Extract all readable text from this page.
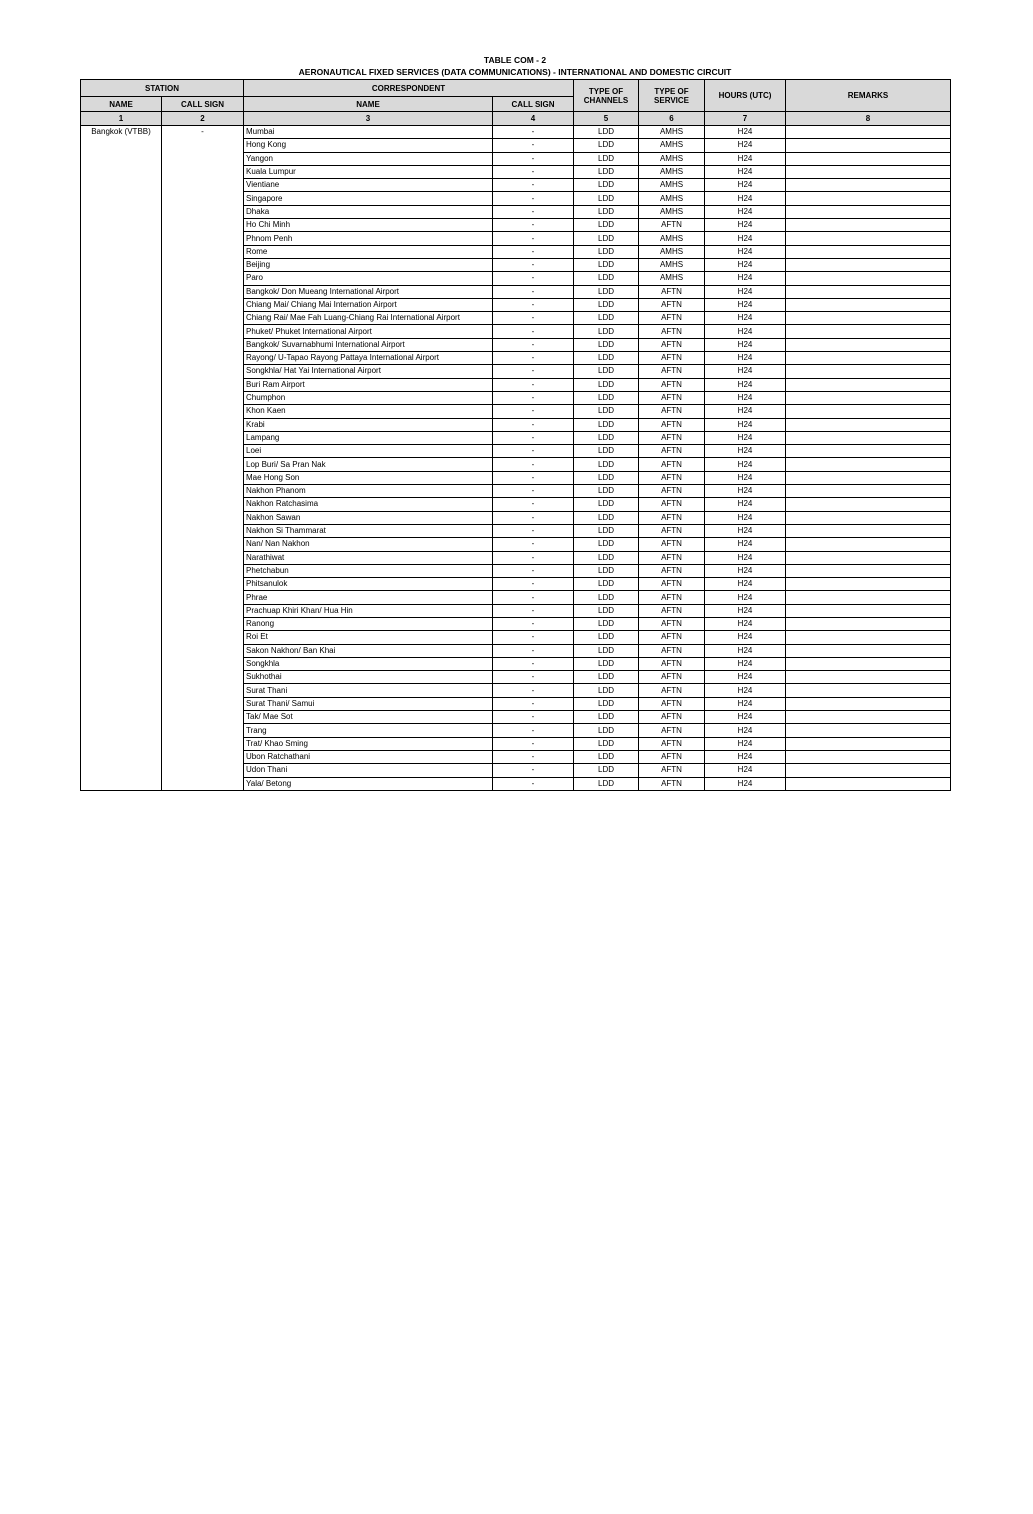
TABLE COM - 2
AERONAUTICAL FIXED SERVICES (DATA COMMUNICATIONS) - INTERNATIONAL AND DOMESTIC CIRCUIT
STATION		CORRESPONDENT		TYPE OF CHANNELS	TYPE OF SERVICE	HOURS (UTC)	REMARKS
NAME	CALL SIGN	NAME	CALL SIGN				
1	2	3	4	5	6	7	8
Bangkok (VTBB)	-	Mumbai	-	LDD	AMHS	H24	
		Hong Kong	-	LDD	AMHS	H24	
		Yangon	-	LDD	AMHS	H24	
		Kuala Lumpur	-	LDD	AMHS	H24	
		Vientiane	-	LDD	AMHS	H24	
		Singapore	-	LDD	AMHS	H24	
		Dhaka	-	LDD	AMHS	H24	
		Ho Chi Minh	-	LDD	AFTN	H24	
		Phnom Penh	-	LDD	AMHS	H24	
		Rome	-	LDD	AMHS	H24	
		Beijing	-	LDD	AMHS	H24	
		Paro	-	LDD	AMHS	H24	
		Bangkok/ Don Mueang International Airport	-	LDD	AFTN	H24	
		Chiang Mai/ Chiang Mai Internation Airport	-	LDD	AFTN	H24	
		Chiang Rai/ Mae Fah Luang-Chiang Rai International Airport	-	LDD	AFTN	H24	
		Phuket/ Phuket International Airport	-	LDD	AFTN	H24	
		Bangkok/ Suvarnabhumi International Airport	-	LDD	AFTN	H24	
		Rayong/ U-Tapao Rayong Pattaya International Airport	-	LDD	AFTN	H24	
		Songkhla/ Hat Yai International Airport	-	LDD	AFTN	H24	
		Buri Ram Airport	-	LDD	AFTN	H24	
		Chumphon	-	LDD	AFTN	H24	
		Khon Kaen	-	LDD	AFTN	H24	
		Krabi	-	LDD	AFTN	H24	
		Lampang	-	LDD	AFTN	H24	
		Loei	-	LDD	AFTN	H24	
		Lop Buri/ Sa Pran Nak	-	LDD	AFTN	H24	
		Mae Hong Son	-	LDD	AFTN	H24	
		Nakhon Phanom	-	LDD	AFTN	H24	
		Nakhon Ratchasima	-	LDD	AFTN	H24	
		Nakhon Sawan	-	LDD	AFTN	H24	
		Nakhon Si Thammarat	-	LDD	AFTN	H24	
		Nan/ Nan Nakhon	-	LDD	AFTN	H24	
		Narathiwat	-	LDD	AFTN	H24	
		Phetchabun	-	LDD	AFTN	H24	
		Phitsanulok	-	LDD	AFTN	H24	
		Phrae	-	LDD	AFTN	H24	
		Prachuap Khiri Khan/ Hua Hin	-	LDD	AFTN	H24	
		Ranong	-	LDD	AFTN	H24	
		Roi Et	-	LDD	AFTN	H24	
		Sakon Nakhon/ Ban Khai	-	LDD	AFTN	H24	
		Songkhla	-	LDD	AFTN	H24	
		Sukhothai	-	LDD	AFTN	H24	
		Surat Thani	-	LDD	AFTN	H24	
		Surat Thani/ Samui	-	LDD	AFTN	H24	
		Tak/ Mae Sot	-	LDD	AFTN	H24	
		Trang	-	LDD	AFTN	H24	
		Trat/ Khao Sming	-	LDD	AFTN	H24	
		Ubon Ratchathani	-	LDD	AFTN	H24	
		Udon Thani	-	LDD	AFTN	H24	
		Yala/ Betong	-	LDD	AFTN	H24	
